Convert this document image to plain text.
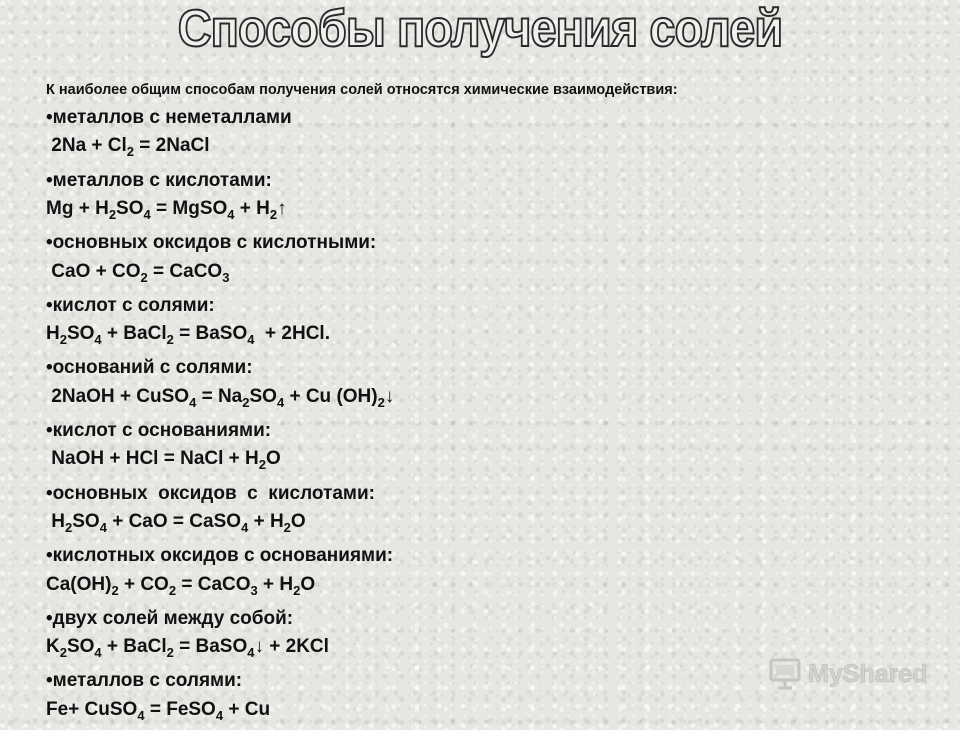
Способы получения солей

К наиболее общим способам получения солей относятся химические взаимодействия:

•металлов с неметаллами
$2Na + Cl_2$ = 2NaCl
•металлов с кислотами:
$Mg + H_2SO_4$ = MgSO$_4$ + $H_2↑$
•основных оксидов с кислотными:
CaO + $CO_2$ = CaCO$_3$
•кислот с солями:
$H_2SO_4$ + BaCl$_2$ = BaSO$_4$  + 2HCl.
•оснований с солями:
2NaOH + CuSO$_4$ = $Na_2SO_4 + Cu$ $(OH)_2↓$
•кислот с основаниями:
NaOH + HCl = NaCl + $H_2O$
•основных  оксидов  с  кислотами:
$H_2SO_4$ + CaO = CaSO$_4$ + $H_2O$
•кислотных оксидов с основаниями:
$Ca(OH)_2 + CO_2$ = CaCO$_3$ + $H_2O$
•двух солей между собой:
$K_2SO_4$ + BaCl$_2$ = BaSO$_4$↓ + 2KCl
•металлов с солями:
Fe+ CuSO$_4$ = FeSO$_4$ + Cu
MyShared
